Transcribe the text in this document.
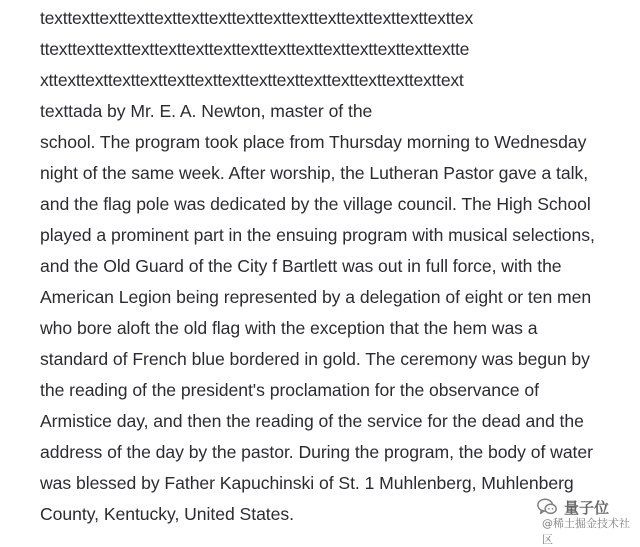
texttexttexttexttexttexttexttexttexttexttexttexttexttexttexttex
ttexttexttexttexttexttexttexttexttexttexttexttexttexttexttextte
xttexttexttexttexttexttexttexttexttexttexttexttexttexttexttext
texttada by Mr. E. A. Newton, master of the
school. The program took place from Thursday morning to Wednesday
night of the same week. After worship, the Lutheran Pastor gave a talk,
and the flag pole was dedicated by the village council. The High School
played a prominent part in the ensuing program with musical selections,
and the Old Guard of the City f Bartlett was out in full force, with the
American Legion being represented by a delegation of eight or ten men
who bore aloft the old flag with the exception that the hem was a
standard of French blue bordered in gold. The ceremony was begun by
the reading of the president's proclamation for the observance of
Armistice day, and then the reading of the service for the dead and the
address of the day by the pastor. During the program, the body of water
was blessed by Father Kapuchinski of St. 1 Muhlenberg, Muhlenberg
County, Kentucky, United States.	量子位
@稀土掘金技术社区
